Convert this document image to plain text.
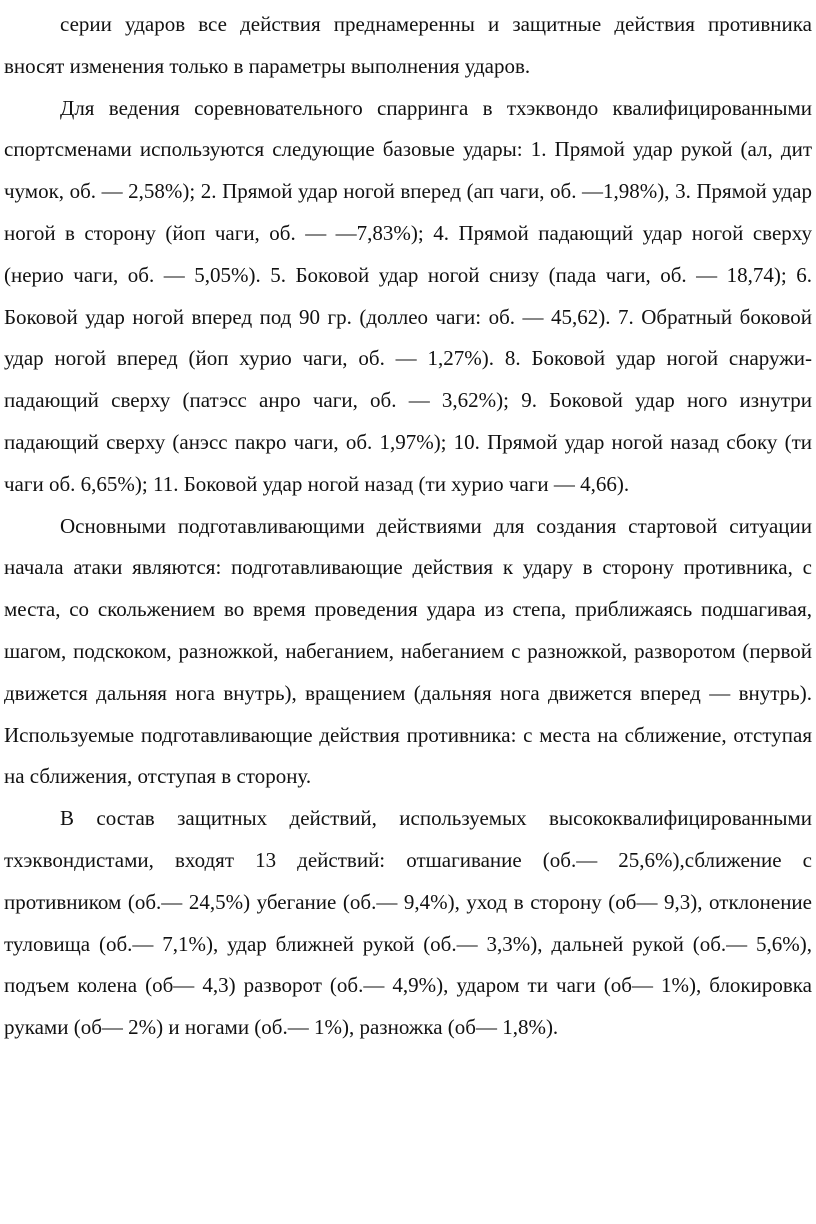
серии ударов все действия преднамеренны и защитные действия противника вносят изменения только в параметры выполнения ударов.

Для ведения соревновательного спарринга в тхэквондо квалифицированными спортсменами используются следующие базовые удары: 1. Прямой удар рукой (ал, дит чумок, об. — 2,58%); 2. Прямой удар ногой вперед (ап чаги, об. —1,98%), 3. Прямой удар ногой в сторону (йоп чаги, об. — —7,83%); 4. Прямой падающий удар ногой сверху (нерио чаги, об. — 5,05%). 5. Боковой удар ногой снизу (пада чаги, об. — 18,74); 6. Боковой удар ногой вперед под 90 гр. (доллео чаги: об. — 45,62). 7. Обратный боковой удар ногой вперед (йоп хурио чаги, об. — 1,27%). 8. Боковой удар ногой снаружи-падающий сверху (патэсс анро чаги, об. — 3,62%); 9. Боковой удар ного изнутри падающий сверху (анэсс пакро чаги, об. 1,97%); 10. Прямой удар ногой назад сбоку (ти чаги об. 6,65%); 11. Боковой удар ногой назад (ти хурио чаги — 4,66).

Основными подготавливающими действиями для создания стартовой ситуации начала атаки являются: подготавливающие действия к удару в сторону противника, с места, со скольжением во время проведения удара из степа, приближаясь подшагивая, шагом, подскоком, разножкой, набеганием, набеганием с разножкой, разворотом (первой движется дальняя нога внутрь), вращением (дальняя нога движется вперед — внутрь). Используемые подготавливающие действия противника: с места на сближение, отступая на сближения, отступая в сторону.

В состав защитных действий, используемых высококвалифицированными тхэквондистами, входят 13 действий: отшагивание (об.— 25,6%),сближение с противником (об.— 24,5%) убегание (об.— 9,4%), уход в сторону (об— 9,3), отклонение туловища (об.— 7,1%), удар ближней рукой (об.— 3,3%), дальней рукой (об.— 5,6%), подъем колена (об— 4,3) разворот (об.— 4,9%), ударом ти чаги (об— 1%), блокировка руками (об— 2%) и ногами (об.— 1%), разножка (об— 1,8%).
